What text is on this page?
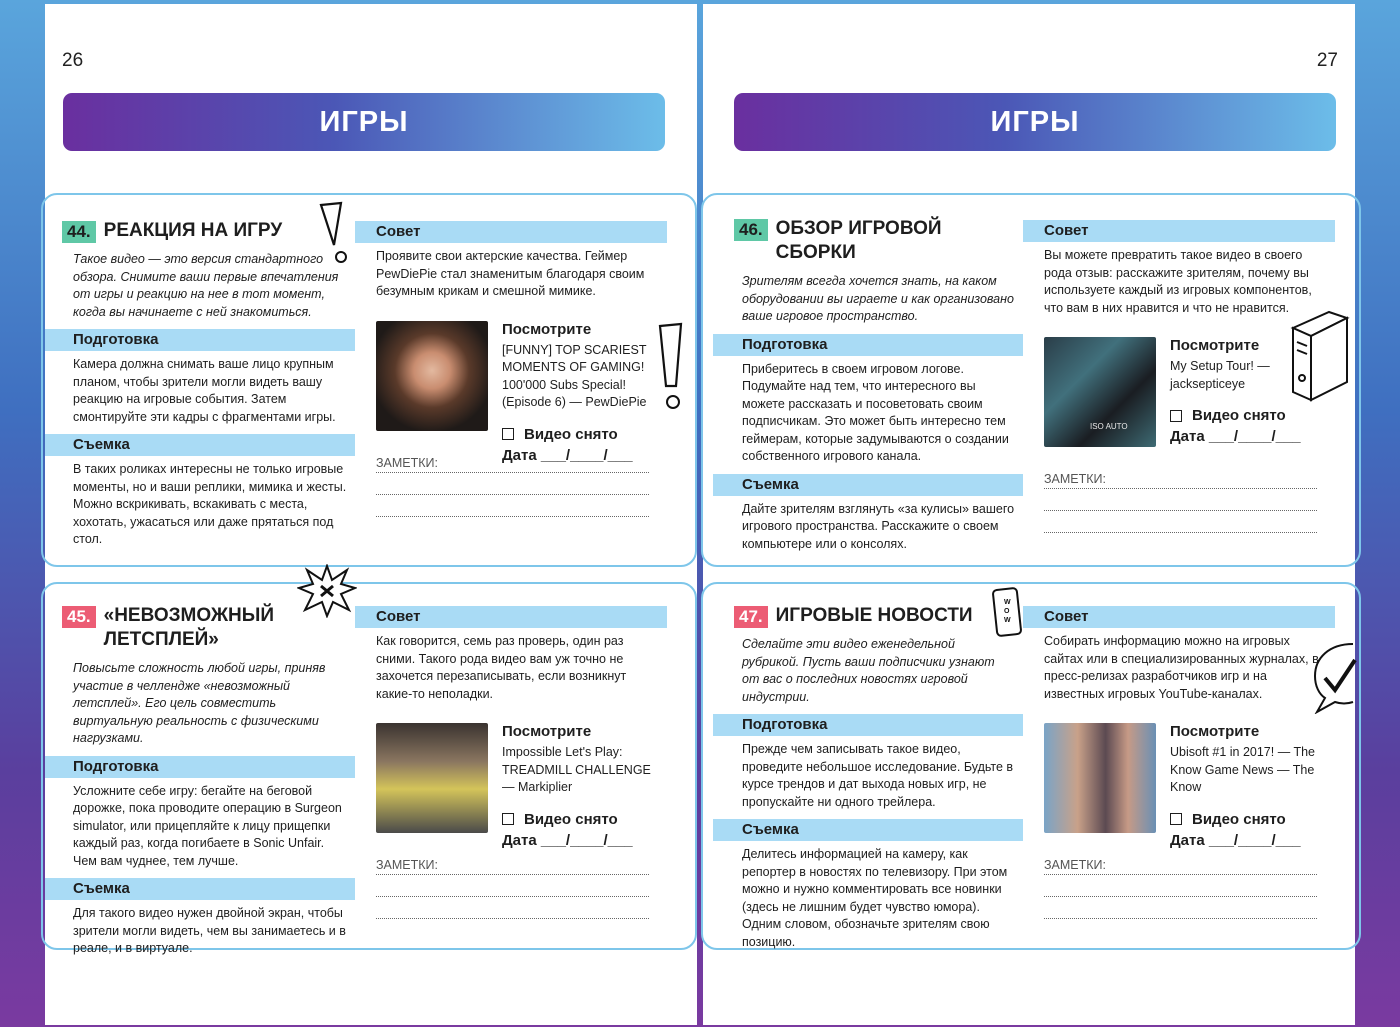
26
ИГРЫ
44. РЕАКЦИЯ НА ИГРУ
Такое видео — это версия стандартного обзора. Снимите ваши первые впечатления от игры и реакцию на нее в тот момент, когда вы начинаете с ней знакомиться.
Подготовка
Камера должна снимать ваше лицо крупным планом, чтобы зрители могли видеть вашу реакцию на игровые события. Затем смонтируйте эти кадры с фрагментами игры.
Съемка
В таких роликах интересны не только игровые моменты, но и ваши реплики, мимика и жесты. Можно вскрикивать, вскакивать с места, хохотать, ужасаться или даже прятаться под стол.
Совет
Проявите свои актерские качества. Геймер PewDiePie стал знаменитым благодаря своим безумным крикам и смешной мимике.
Посмотрите
[FUNNY] TOP SCARIEST MOMENTS OF GAMING! 100'000 Subs Special! (Episode 6) — PewDiePie
Видео снято
Дата ___/____/___
ЗАМЕТКИ:
45. «НЕВОЗМОЖНЫЙ ЛЕТСПЛЕЙ»
Повысьте сложность любой игры, приняв участие в челлендже «невозможный летсплей». Его цель совместить виртуальную реальность с физическими нагрузками.
Подготовка
Усложните себе игру: бегайте на беговой дорожке, пока проводите операцию в Surgeon simulator, или прицепляйте к лицу прищепки каждый раз, когда погибаете в Sonic Unfair. Чем вам чуднее, тем лучше.
Съемка
Для такого видео нужен двойной экран, чтобы зрители могли видеть, чем вы занимаетесь и в реале, и в виртуале.
Совет
Как говорится, семь раз проверь, один раз сними. Такого рода видео вам уж точно не захочется перезаписывать, если возникнут какие-то неполадки.
Посмотрите
Impossible Let's Play: TREADMILL CHALLENGE — Markiplier
Видео снято
Дата ___/____/___
ЗАМЕТКИ:
27
ИГРЫ
46. ОБЗОР ИГРОВОЙ СБОРКИ
Зрителям всегда хочется знать, на каком оборудовании вы играете и как организовано ваше игровое пространство.
Подготовка
Приберитесь в своем игровом логове. Подумайте над тем, что интересного вы можете рассказать и посоветовать своим подписчикам. Это может быть интересно тем геймерам, которые задумываются о создании собственного игрового канала.
Съемка
Дайте зрителям взглянуть «за кулисы» вашего игрового пространства. Расскажите о своем компьютере или о консолях.
Совет
Вы можете превратить такое видео в своего рода отзыв: расскажите зрителям, почему вы используете каждый из игровых компонентов, что вам в них нравится и что не нравится.
ISO AUTO
Посмотрите
My Setup Tour! — jacksepticeye
Видео снято
Дата ___/____/___
ЗАМЕТКИ:
47. ИГРОВЫЕ НОВОСТИ
Сделайте эти видео еженедельной рубрикой. Пусть ваши подписчики узнают от вас о последних новостях игровой индустрии.
Подготовка
Прежде чем записывать такое видео, проведите небольшое исследование. Будьте в курсе трендов и дат выхода новых игр, не пропускайте ни одного трейлера.
Съемка
Делитесь информацией на камеру, как репортер в новостях по телевизору. При этом можно и нужно комментировать все новинки (здесь не лишним будет чувство юмора). Одним словом, обозначьте зрителям свою позицию.
Совет
Собирать информацию можно на игровых сайтах или в специализированных журналах, в пресс-релизах разработчиков игр и на известных игровых YouTube-каналах.
Посмотрите
Ubisoft #1 in 2017! — The Know Game News — The Know
Видео снято
Дата ___/____/___
ЗАМЕТКИ:
W
O
W
